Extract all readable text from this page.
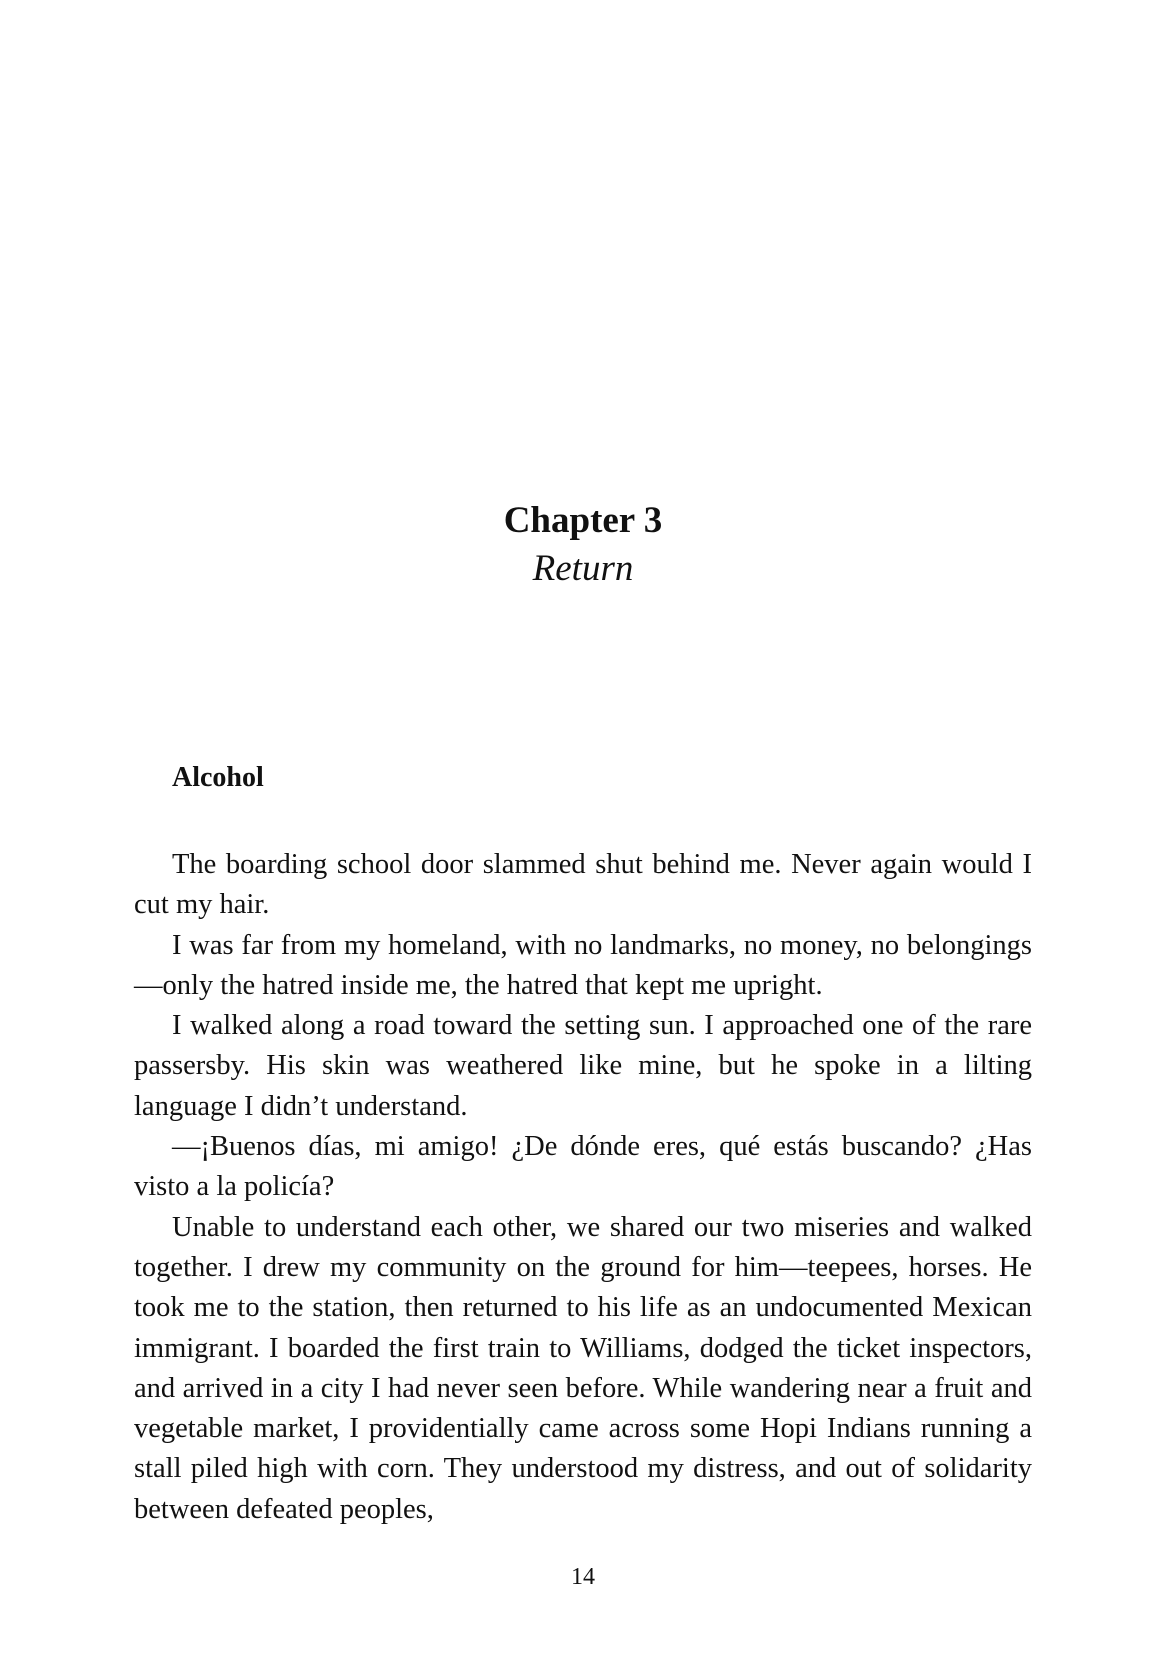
Chapter 3
Return
Alcohol

The boarding school door slammed shut behind me. Never again would I cut my hair.

I was far from my homeland, with no landmarks, no money, no belongings—only the hatred inside me, the hatred that kept me upright.

I walked along a road toward the setting sun. I approached one of the rare passersby. His skin was weathered like mine, but he spoke in a lilting language I didn’t understand.

—¡Buenos días, mi amigo! ¿De dónde eres, qué estás buscando? ¿Has visto a la policía?

Unable to understand each other, we shared our two miseries and walked together. I drew my community on the ground for him—teepees, horses. He took me to the station, then returned to his life as an undocumented Mexican immigrant. I boarded the first train to Williams, dodged the ticket inspectors, and arrived in a city I had never seen before. While wandering near a fruit and vegetable market, I providentially came across some Hopi Indians running a stall piled high with corn. They understood my distress, and out of solidarity between defeated peoples,

14
